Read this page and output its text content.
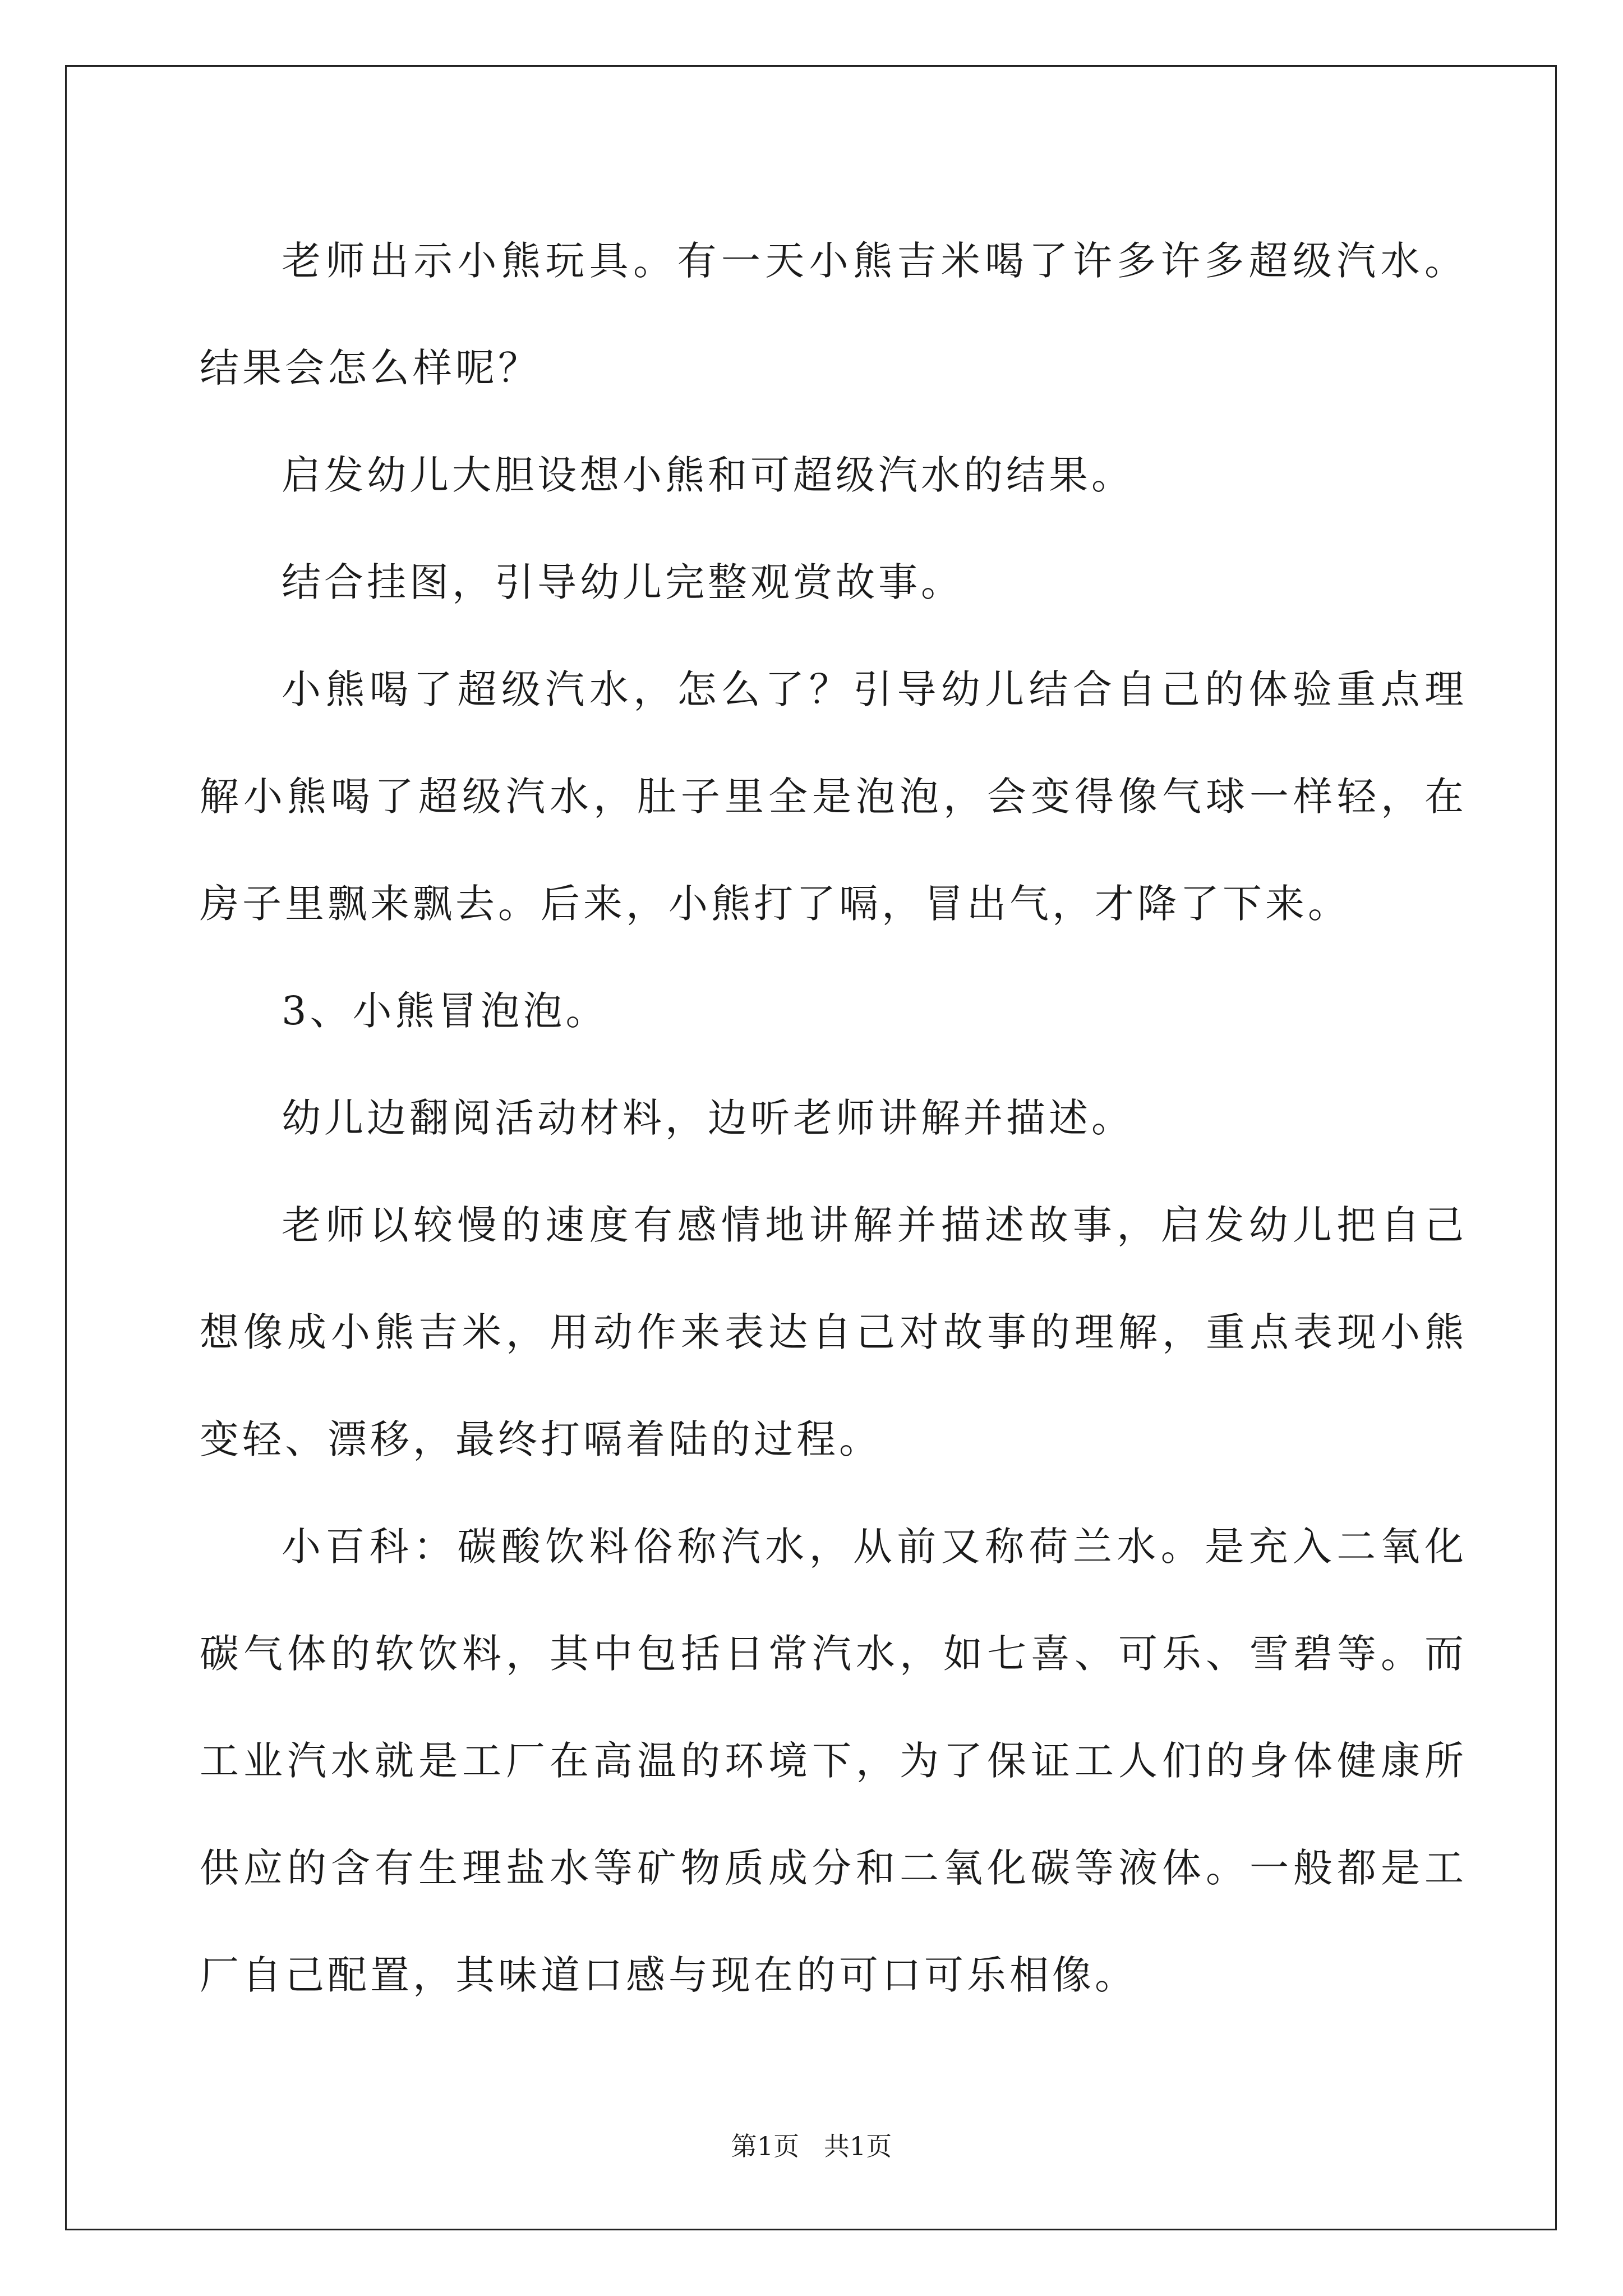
老师出示小熊玩具。有一天小熊吉米喝了许多许多超级汽水。结果会怎么样呢？

启发幼儿大胆设想小熊和可超级汽水的结果。

结合挂图，引导幼儿完整观赏故事。

小熊喝了超级汽水，怎么了？引导幼儿结合自己的体验重点理解小熊喝了超级汽水，肚子里全是泡泡，会变得像气球一样轻，在房子里飘来飘去。后来，小熊打了嗝，冒出气，才降了下来。

3、小熊冒泡泡。

幼儿边翻阅活动材料，边听老师讲解并描述。

老师以较慢的速度有感情地讲解并描述故事，启发幼儿把自己想像成小熊吉米，用动作来表达自己对故事的理解，重点表现小熊变轻、漂移，最终打嗝着陆的过程。

小百科：碳酸饮料俗称汽水，从前又称荷兰水。是充入二氧化碳气体的软饮料，其中包括日常汽水，如七喜、可乐、雪碧等。而工业汽水就是工厂在高温的环境下，为了保证工人们的身体健康所供应的含有生理盐水等矿物质成分和二氧化碳等液体。一般都是工厂自己配置，其味道口感与现在的可口可乐相像。

第1页   共1页
